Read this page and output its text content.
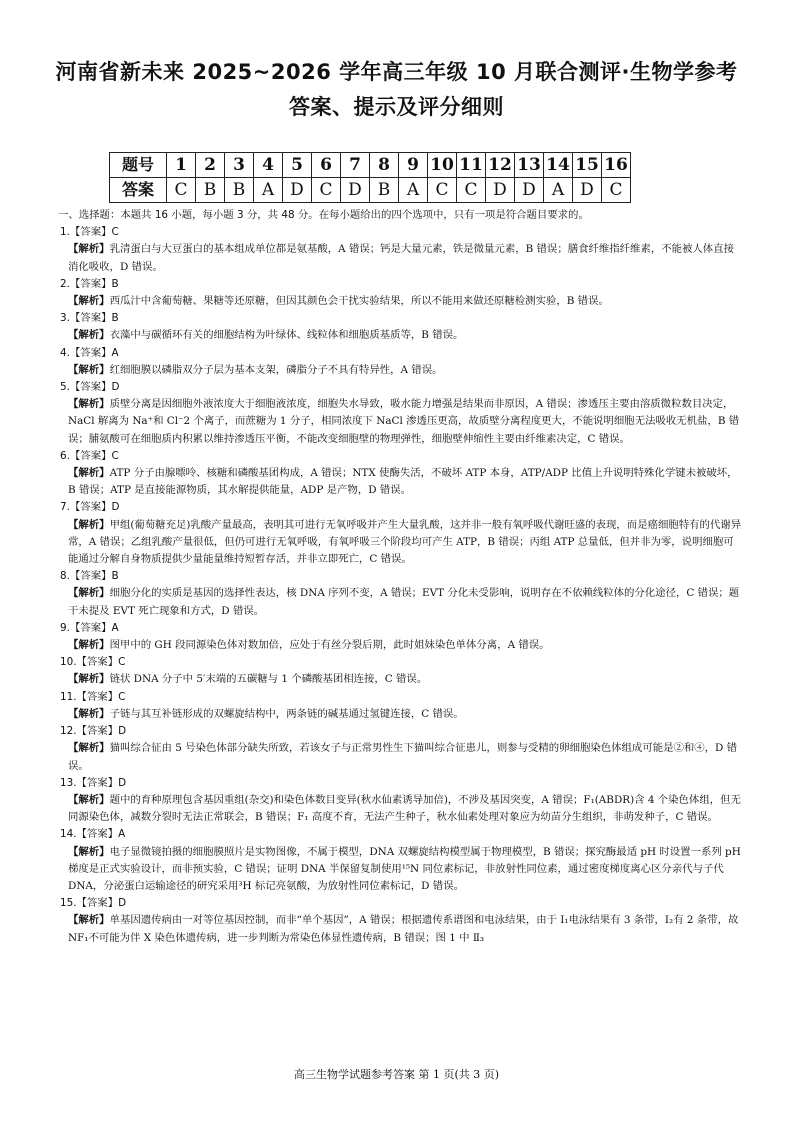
河南省新未来 2025~2026 学年高三年级 10 月联合测评·生物学参考
答案、提示及评分细则
题号	1	2	3	4	5	6	7	8	9	10	11	12	13	14	15	16
答案	C	B	B	A	D	C	D	B	A	C	C	D	D	A	D	C
一、选择题：本题共 16 小题，每小题 3 分，共 48 分。在每小题给出的四个选项中，只有一项是符合题目要求的。
1.【答案】C
【解析】乳清蛋白与大豆蛋白的基本组成单位都是氨基酸，A 错误；钙是大量元素，铁是微量元素，B 错误；膳食纤维指纤维素，不能被人体直接消化吸收，D 错误。
2.【答案】B
【解析】西瓜汁中含葡萄糖、果糖等还原糖，但因其颜色会干扰实验结果，所以不能用来做还原糖检测实验，B 错误。
3.【答案】B
【解析】衣藻中与碳循环有关的细胞结构为叶绿体、线粒体和细胞质基质等，B 错误。
4.【答案】A
【解析】红细胞膜以磷脂双分子层为基本支架，磷脂分子不具有特异性，A 错误。
5.【答案】D
【解析】质壁分离是因细胞外液浓度大于细胞液浓度，细胞失水导致，吸水能力增强是结果而非原因，A 错误；渗透压主要由溶质微粒数目决定，NaCl 解离为 Na⁺和 Cl⁻2 个离子，而蔗糖为 1 分子，相同浓度下 NaCl 渗透压更高，故质壁分离程度更大，不能说明细胞无法吸收无机盐，B 错误；脯氨酸可在细胞质内积累以维持渗透压平衡，不能改变细胞壁的物理弹性，细胞壁伸缩性主要由纤维素决定，C 错误。
6.【答案】C
【解析】ATP 分子由腺嘌呤、核糖和磷酸基团构成，A 错误；NTX 使酶失活，不破坏 ATP 本身，ATP/ADP 比值上升说明特殊化学键未被破坏，B 错误；ATP 是直接能源物质，其水解提供能量，ADP 是产物，D 错误。
7.【答案】D
【解析】甲组(葡萄糖充足)乳酸产量最高，表明其可进行无氧呼吸并产生大量乳酸，这并非一般有氧呼吸代谢旺盛的表现，而是癌细胞特有的代谢异常，A 错误；乙组乳酸产量很低，但仍可进行无氧呼吸，有氧呼吸三个阶段均可产生 ATP，B 错误；丙组 ATP 总量低，但并非为零，说明细胞可能通过分解自身物质提供少量能量维持短暂存活，并非立即死亡，C 错误。
8.【答案】B
【解析】细胞分化的实质是基因的选择性表达，核 DNA 序列不变，A 错误；EVT 分化未受影响，说明存在不依赖线粒体的分化途径，C 错误；题干未提及 EVT 死亡现象和方式，D 错误。
9.【答案】A
【解析】图甲中的 GH 段同源染色体对数加倍，应处于有丝分裂后期，此时姐妹染色单体分离，A 错误。
10.【答案】C
【解析】链状 DNA 分子中 5′末端的五碳糖与 1 个磷酸基团相连接，C 错误。
11.【答案】C
【解析】子链与其互补链形成的双螺旋结构中，两条链的碱基通过氢键连接，C 错误。
12.【答案】D
【解析】猫叫综合征由 5 号染色体部分缺失所致，若该女子与正常男性生下猫叫综合征患儿，则参与受精的卵细胞染色体组成可能是②和④，D 错误。
13.【答案】D
【解析】题中的育种原理包含基因重组(杂交)和染色体数目变异(秋水仙素诱导加倍)，不涉及基因突变，A 错误；F₁(ABDR)含 4 个染色体组，但无同源染色体，减数分裂时无法正常联会，B 错误；F₁ 高度不育，无法产生种子，秋水仙素处理对象应为幼苗分生组织，非萌发种子，C 错误。
14.【答案】A
【解析】电子显微镜拍摄的细胞膜照片是实物图像，不属于模型，DNA 双螺旋结构模型属于物理模型，B 错误；探究酶最适 pH 时设置一系列 pH 梯度是正式实验设计，而非预实验，C 错误；证明 DNA 半保留复制使用¹⁵N 同位素标记，非放射性同位素，通过密度梯度离心区分亲代与子代 DNA，分泌蛋白运输途径的研究采用³H 标记亮氨酸，为放射性同位素标记，D 错误。
15.【答案】D
【解析】单基因遗传病由一对等位基因控制，而非“单个基因”，A 错误；根据遗传系谱图和电泳结果，由于 I₁电泳结果有 3 条带，I₂有 2 条带，故 NF₁不可能为伴 X 染色体遗传病，进一步判断为常染色体显性遗传病，B 错误；图 1 中 Ⅱ₃
高三生物学试题参考答案 第 1 页(共 3 页)
